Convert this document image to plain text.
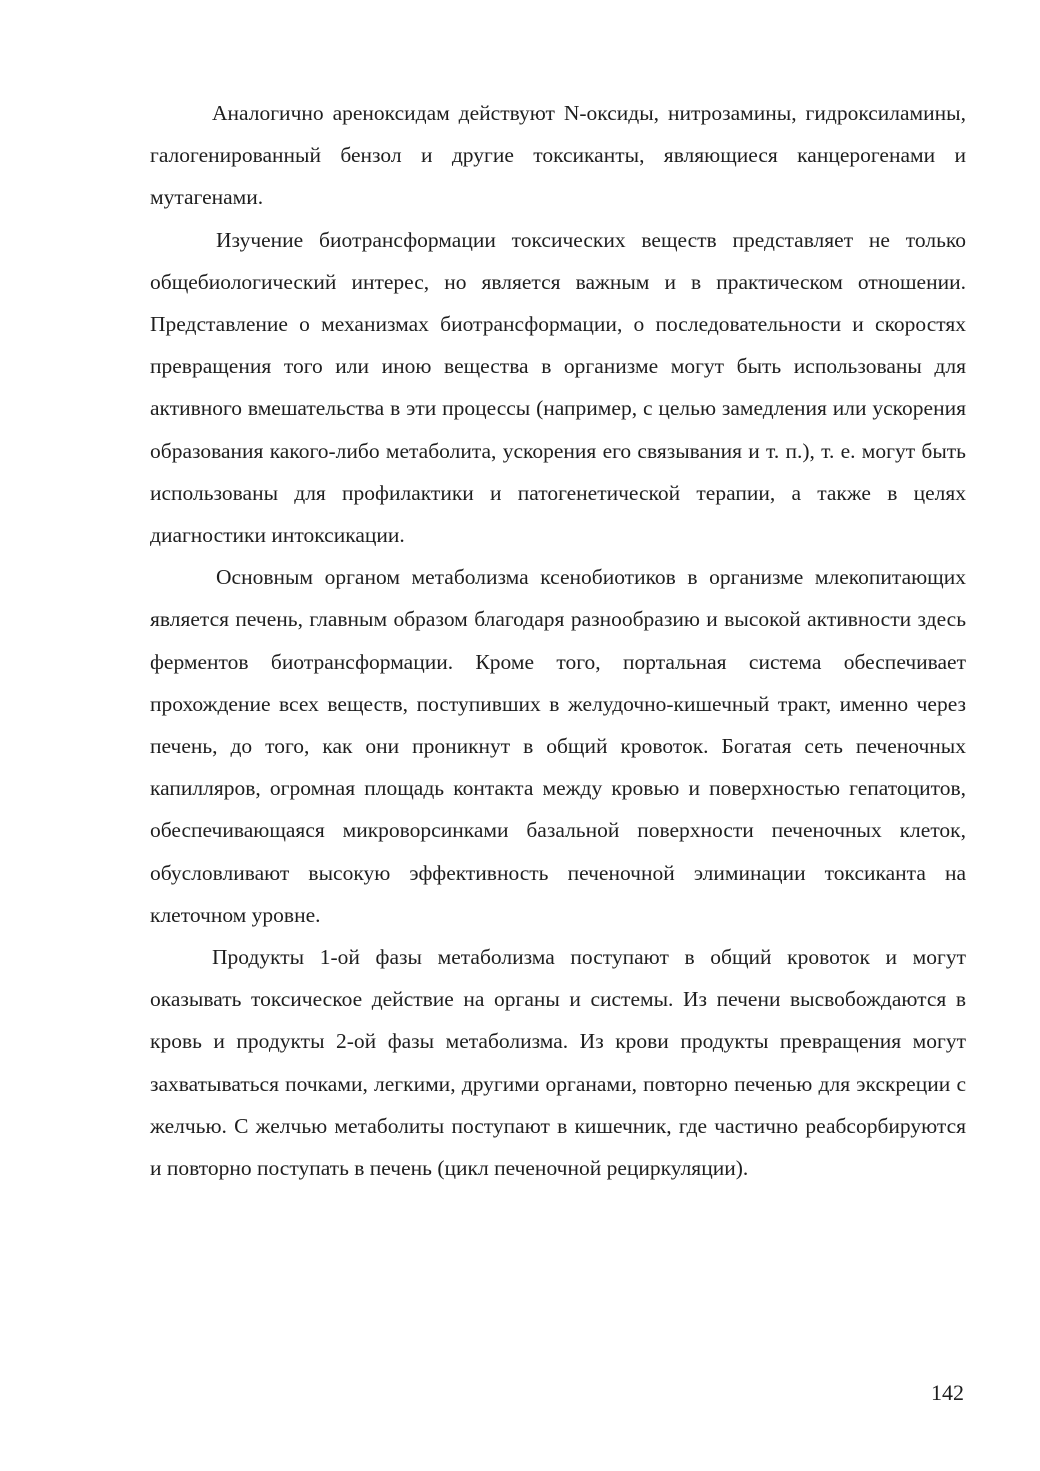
Аналогично ареноксидам действуют N-оксиды, нитрозамины, гидроксиламины, галогенированный бензол и другие токсиканты, являющиеся канцерогенами и мутагенами.

Изучение биотрансформации токсических веществ представляет не только общебиологический интерес, но является важным и в практическом отношении. Представление о механизмах биотрансформации, о последовательности и скоростях превращения того или иною вещества в организме могут быть использованы для активного вмешательства в эти процессы (например, с целью замедления или ускорения образования какого-либо метаболита, ускорения его связывания и т. п.), т. е. могут быть использованы для профилактики и патогенетической терапии, а также в целях диагностики интоксикации.

Основным органом метаболизма ксенобиотиков в организме млекопитающих является печень, главным образом благодаря разнообразию и высокой активности здесь ферментов биотрансформации. Кроме того, портальная система обеспечивает прохождение всех веществ, поступивших в желудочно-кишечный тракт, именно через печень, до того, как они проникнут в общий кровоток. Богатая сеть печеночных капилляров, огромная площадь контакта между кровью и поверхностью гепатоцитов, обеспечивающаяся микроворсинками базальной поверхности печеночных клеток, обусловливают высокую эффективность печеночной элиминации токсиканта на клеточном уровне.

Продукты 1-ой фазы метаболизма поступают в общий кровоток и могут оказывать токсическое действие на органы и системы. Из печени высвобождаются в кровь и продукты 2-ой фазы метаболизма. Из крови продукты превращения могут захватываться почками, легкими, другими органами, повторно печенью для экскреции с желчью. С желчью метаболиты поступают в кишечник, где частично реабсорбируются и повторно поступать в печень (цикл печеночной рециркуляции).

142
